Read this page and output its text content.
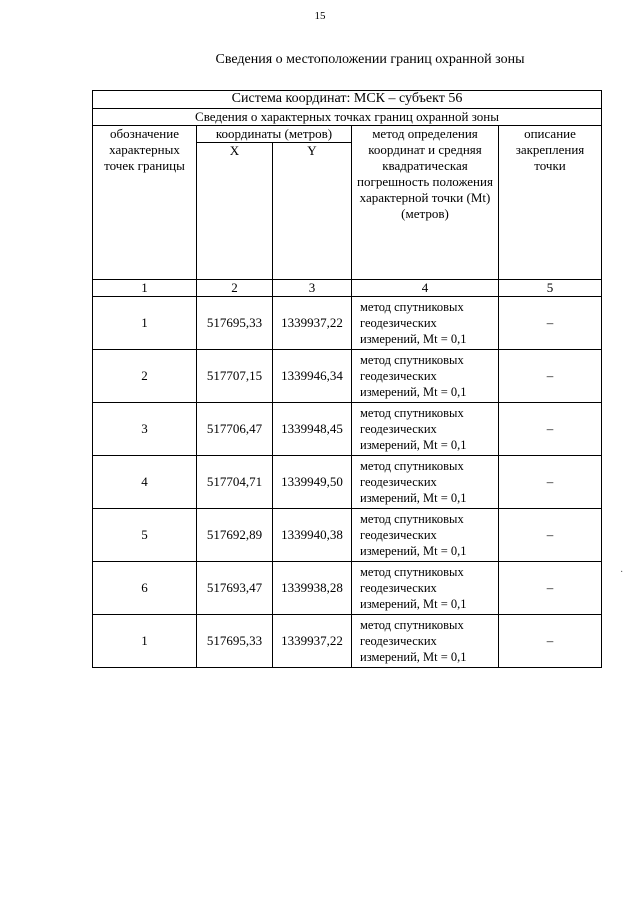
15
Сведения о местоположении границ охранной зоны
Система координат: МСК – субъект 56				
Сведения о характерных точках границ охранной зоны				
обозначение характерных точек границы	координаты (метров)		метод определения координат и средняя квадратическая погрешность положения характерной точки (Mt) (метров)	описание закрепления точки
	X	Y		
1	2	3	4	5
1	517695,33	1339937,22	метод спутниковых геодезических измерений, Mt = 0,1	–
2	517707,15	1339946,34	метод спутниковых геодезических измерений, Mt = 0,1	–
3	517706,47	1339948,45	метод спутниковых геодезических измерений, Mt = 0,1	–
4	517704,71	1339949,50	метод спутниковых геодезических измерений, Mt = 0,1	–
5	517692,89	1339940,38	метод спутниковых геодезических измерений, Mt = 0,1	–
6	517693,47	1339938,28	метод спутниковых геодезических измерений, Mt = 0,1	–
1	517695,33	1339937,22	метод спутниковых геодезических измерений, Mt = 0,1	–
·
